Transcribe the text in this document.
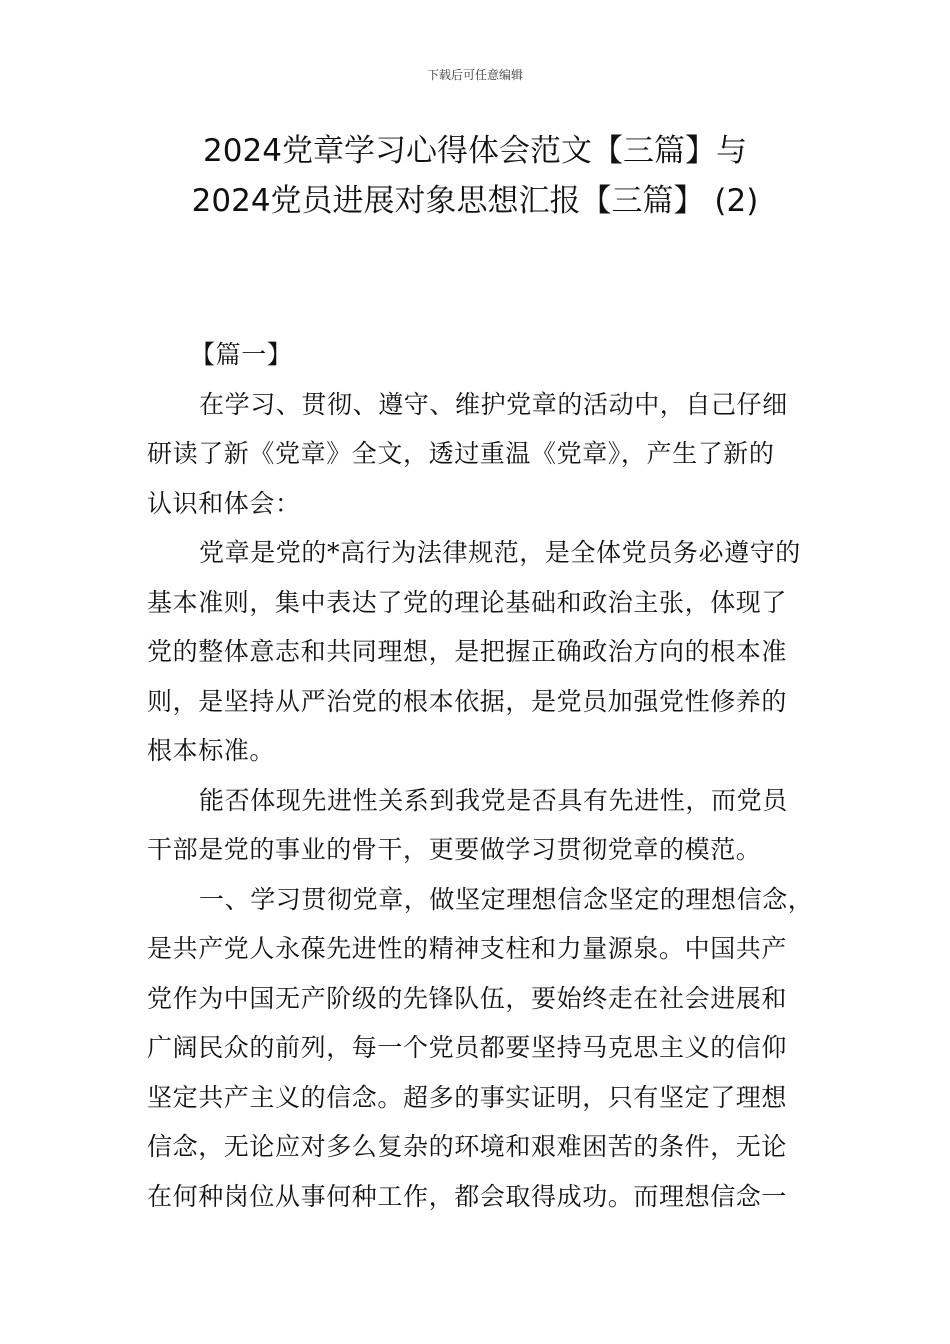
下载后可任意编辑
2024党章学习心得体会范文【三篇】与
2024党员进展对象思想汇报【三篇】 (2)
【篇一】

在学习、贯彻、遵守、维护党章的活动中，自己仔细
研读了新《党章》全文，透过重温《党章》，产生了新的
认识和体会：

党章是党的*高行为法律规范，是全体党员务必遵守的
基本准则，集中表达了党的理论基础和政治主张，体现了
党的整体意志和共同理想，是把握正确政治方向的根本准
则，是坚持从严治党的根本依据，是党员加强党性修养的
根本标准。

能否体现先进性关系到我党是否具有先进性，而党员
干部是党的事业的骨干，更要做学习贯彻党章的模范。

一、学习贯彻党章，做坚定理想信念坚定的理想信念，
是共产党人永葆先进性的精神支柱和力量源泉。中国共产
党作为中国无产阶级的先锋队伍，要始终走在社会进展和
广阔民众的前列，每一个党员都要坚持马克思主义的信仰
坚定共产主义的信念。超多的事实证明，只有坚定了理想
信念，无论应对多么复杂的环境和艰难困苦的条件，无论
在何种岗位从事何种工作，都会取得成功。而理想信念一
